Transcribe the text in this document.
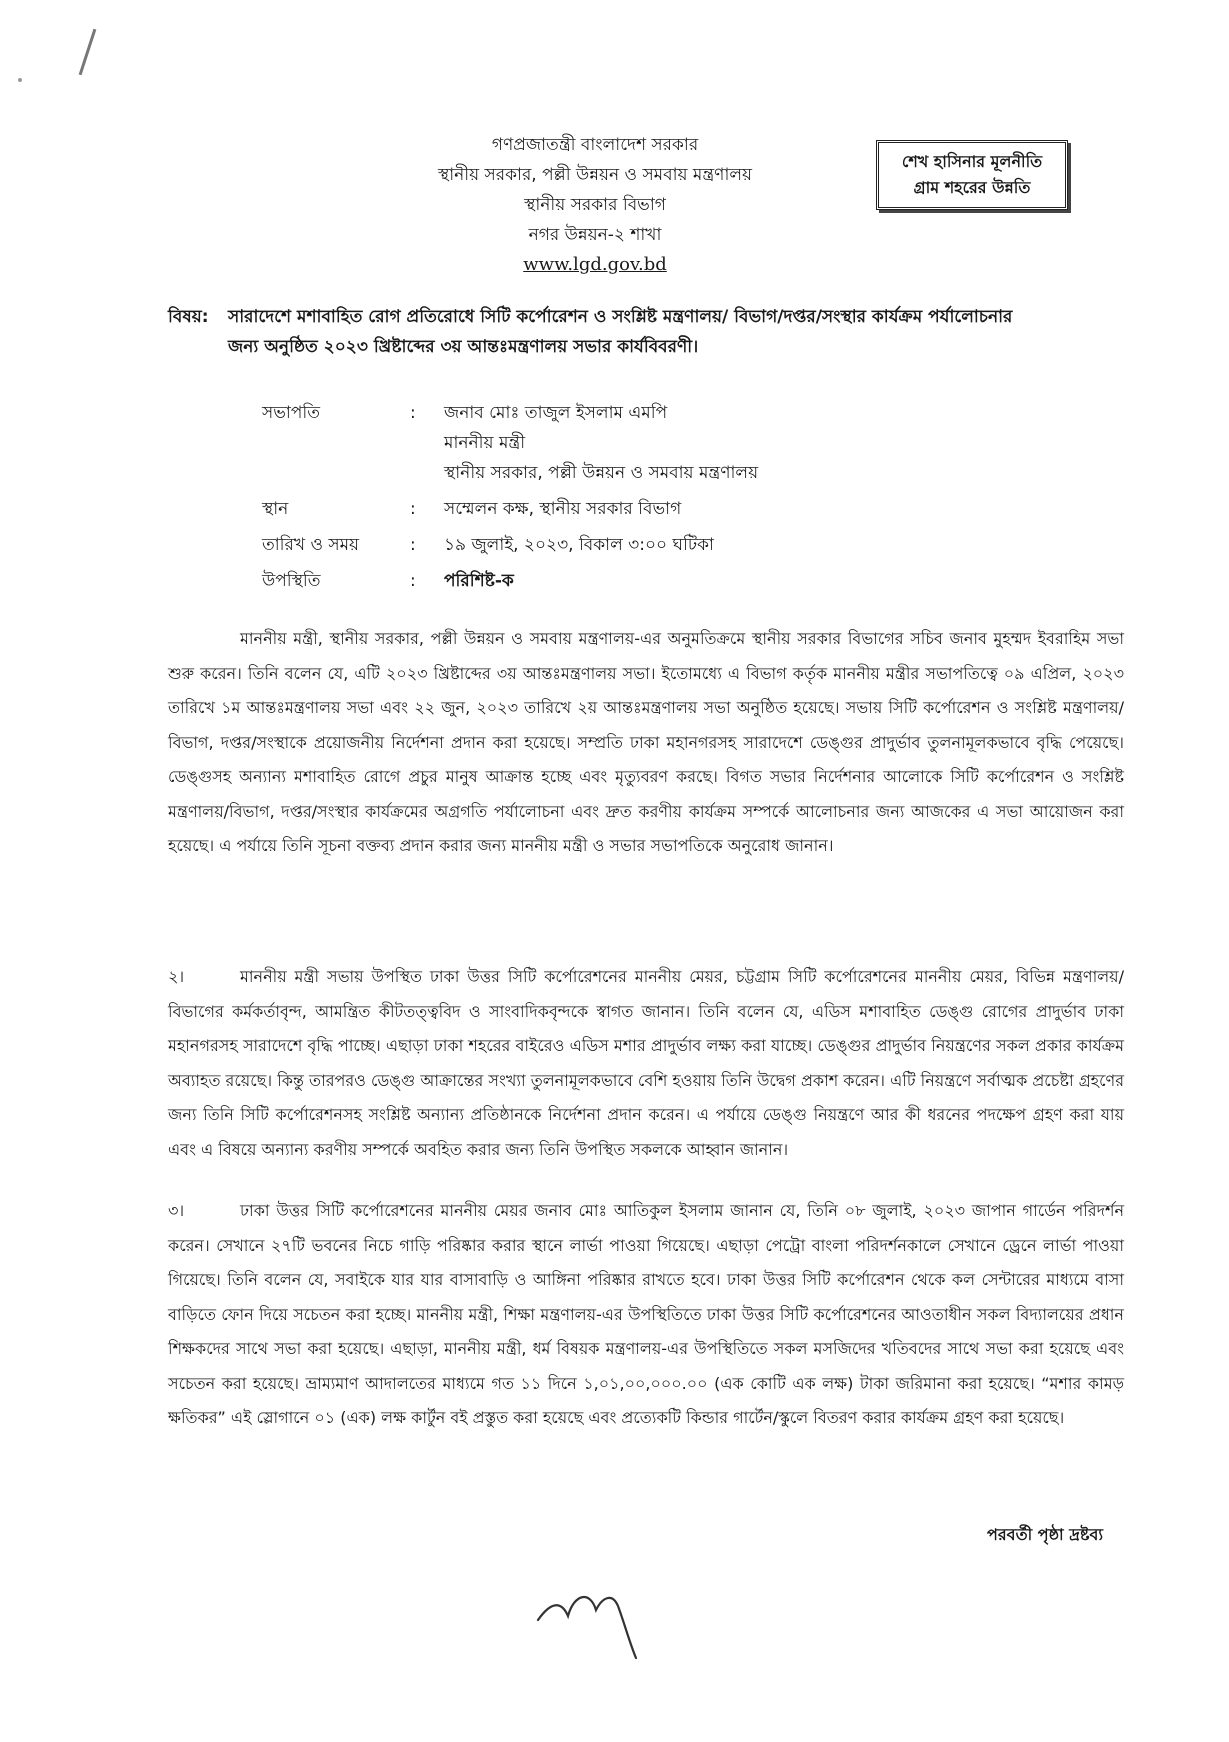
গণপ্রজাতন্ত্রী বাংলাদেশ সরকার
স্থানীয় সরকার, পল্লী উন্নয়ন ও সমবায় মন্ত্রণালয়
স্থানীয় সরকার বিভাগ
নগর উন্নয়ন-২ শাখা
www.lgd.gov.bd
শেখ হাসিনার মূলনীতি
গ্রাম শহরের উন্নতি
বিষয়: সারাদেশে মশাবাহিত রোগ প্রতিরোধে সিটি কর্পোরেশন ও সংশ্লিষ্ট মন্ত্রণালয়/ বিভাগ/দপ্তর/সংস্থার কার্যক্রম পর্যালোচনার
জন্য অনুষ্ঠিত ২০২৩ খ্রিষ্টাব্দের ৩য় আন্তঃমন্ত্রণালয় সভার কার্যবিবরণী।
সভাপতি	:	জনাব মোঃ তাজুল ইসলাম এমপি
মাননীয় মন্ত্রী
স্থানীয় সরকার, পল্লী উন্নয়ন ও সমবায় মন্ত্রণালয়
স্থান	:	সম্মেলন কক্ষ, স্থানীয় সরকার বিভাগ
তারিখ ও সময়	:	১৯ জুলাই, ২০২৩, বিকাল ৩:০০ ঘটিকা
উপস্থিতি	:	পরিশিষ্ট-ক
মাননীয় মন্ত্রী, স্থানীয় সরকার, পল্লী উন্নয়ন ও সমবায় মন্ত্রণালয়-এর অনুমতিক্রমে স্থানীয় সরকার বিভাগের সচিব জনাব মুহম্মদ ইবরাহিম সভা শুরু করেন। তিনি বলেন যে, এটি ২০২৩ খ্রিষ্টাব্দের ৩য় আন্তঃমন্ত্রণালয় সভা। ইতোমধ্যে এ বিভাগ কর্তৃক মাননীয় মন্ত্রীর সভাপতিত্বে ০৯ এপ্রিল, ২০২৩ তারিখে ১ম আন্তঃমন্ত্রণালয় সভা এবং ২২ জুন, ২০২৩ তারিখে ২য় আন্তঃমন্ত্রণালয় সভা অনুষ্ঠিত হয়েছে। সভায় সিটি কর্পোরেশন ও সংশ্লিষ্ট মন্ত্রণালয়/বিভাগ, দপ্তর/সংস্থাকে প্রয়োজনীয় নির্দেশনা প্রদান করা হয়েছে। সম্প্রতি ঢাকা মহানগরসহ সারাদেশে ডেঙ্গুর প্রাদুর্ভাব তুলনামূলকভাবে বৃদ্ধি পেয়েছে। ডেঙ্গুসহ অন্যান্য মশাবাহিত রোগে প্রচুর মানুষ আক্রান্ত হচ্ছে এবং মৃত্যুবরণ করছে। বিগত সভার নির্দেশনার আলোকে সিটি কর্পোরেশন ও সংশ্লিষ্ট মন্ত্রণালয়/বিভাগ, দপ্তর/সংস্থার কার্যক্রমের অগ্রগতি পর্যালোচনা এবং দ্রুত করণীয় কার্যক্রম সম্পর্কে আলোচনার জন্য আজকের এ সভা আয়োজন করা হয়েছে। এ পর্যায়ে তিনি সূচনা বক্তব্য প্রদান করার জন্য মাননীয় মন্ত্রী ও সভার সভাপতিকে অনুরোধ জানান।
২।	মাননীয় মন্ত্রী সভায় উপস্থিত ঢাকা উত্তর সিটি কর্পোরেশনের মাননীয় মেয়র, চট্টগ্রাম সিটি কর্পোরেশনের মাননীয় মেয়র, বিভিন্ন মন্ত্রণালয়/বিভাগের কর্মকর্তাবৃন্দ, আমন্ত্রিত কীটতত্ত্ববিদ ও সাংবাদিকবৃন্দকে স্বাগত জানান। তিনি বলেন যে, এডিস মশাবাহিত ডেঙ্গু রোগের প্রাদুর্ভাব ঢাকা মহানগরসহ সারাদেশে বৃদ্ধি পাচ্ছে। এছাড়া ঢাকা শহরের বাইরেও এডিস মশার প্রাদুর্ভাব লক্ষ্য করা যাচ্ছে। ডেঙ্গুর প্রাদুর্ভাব নিয়ন্ত্রণের সকল প্রকার কার্যক্রম অব্যাহত রয়েছে। কিন্তু তারপরও ডেঙ্গু আক্রান্তের সংখ্যা তুলনামূলকভাবে বেশি হওয়ায় তিনি উদ্বেগ প্রকাশ করেন। এটি নিয়ন্ত্রণে সর্বাত্মক প্রচেষ্টা গ্রহণের জন্য তিনি সিটি কর্পোরেশনসহ সংশ্লিষ্ট অন্যান্য প্রতিষ্ঠানকে নির্দেশনা প্রদান করেন। এ পর্যায়ে ডেঙ্গু নিয়ন্ত্রণে আর কী ধরনের পদক্ষেপ গ্রহণ করা যায় এবং এ বিষয়ে অন্যান্য করণীয় সম্পর্কে অবহিত করার জন্য তিনি উপস্থিত সকলকে আহ্বান জানান।
৩।	ঢাকা উত্তর সিটি কর্পোরেশনের মাননীয় মেয়র জনাব মোঃ আতিকুল ইসলাম জানান যে, তিনি ০৮ জুলাই, ২০২৩ জাপান গার্ডেন পরিদর্শন করেন। সেখানে ২৭টি ভবনের নিচে গাড়ি পরিষ্কার করার স্থানে লার্ভা পাওয়া গিয়েছে। এছাড়া পেট্রো বাংলা পরিদর্শনকালে সেখানে ড্রেনে লার্ভা পাওয়া গিয়েছে। তিনি বলেন যে, সবাইকে যার যার বাসাবাড়ি ও আঙ্গিনা পরিষ্কার রাখতে হবে। ঢাকা উত্তর সিটি কর্পোরেশন থেকে কল সেন্টারের মাধ্যমে বাসা বাড়িতে ফোন দিয়ে সচেতন করা হচ্ছে। মাননীয় মন্ত্রী, শিক্ষা মন্ত্রণালয়-এর উপস্থিতিতে ঢাকা উত্তর সিটি কর্পোরেশনের আওতাধীন সকল বিদ্যালয়ের প্রধান শিক্ষকদের সাথে সভা করা হয়েছে। এছাড়া, মাননীয় মন্ত্রী, ধর্ম বিষয়ক মন্ত্রণালয়-এর উপস্থিতিতে সকল মসজিদের খতিবদের সাথে সভা করা হয়েছে এবং সচেতন করা হয়েছে। ভ্রাম্যমাণ আদালতের মাধ্যমে গত ১১ দিনে ১,০১,০০,০০০.০০ (এক কোটি এক লক্ষ) টাকা জরিমানা করা হয়েছে। “মশার কামড় ক্ষতিকর” এই স্লোগানে ০১ (এক) লক্ষ কার্টুন বই প্রস্তুত করা হয়েছে এবং প্রত্যেকটি কিন্ডার গার্টেন/স্কুলে বিতরণ করার কার্যক্রম গ্রহণ করা হয়েছে।
পরবর্তী পৃষ্ঠা দ্রষ্টব্য
